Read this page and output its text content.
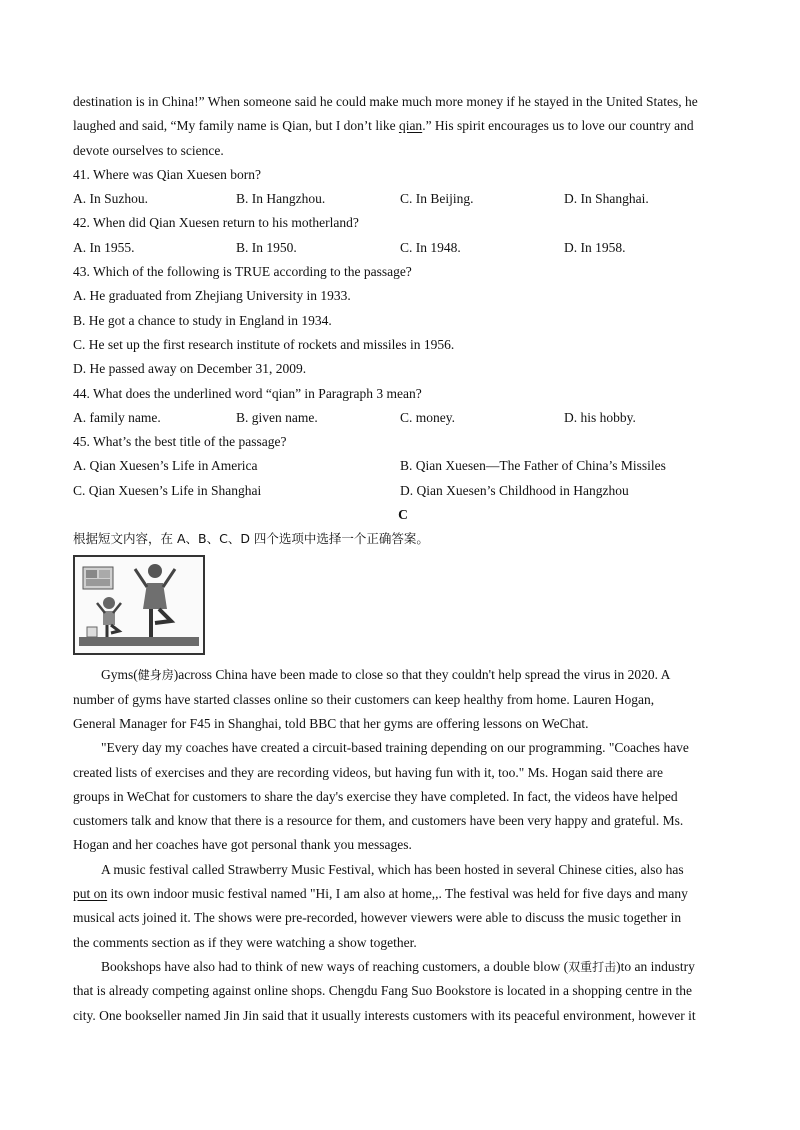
destination is in China!” When someone said he could make much more money if he stayed in the United States, he
laughed and said, “My family name is Qian, but I don’t like qian.” His spirit encourages us to love our country and
devote ourselves to science.
41. Where was Qian Xuesen born?
A. In Suzhou.	B. In Hangzhou.	C. In Beijing.	D. In Shanghai.
42. When did Qian Xuesen return to his motherland?
A. In 1955.	B. In 1950.	C. In 1948.	D. In 1958.
43. Which of the following is TRUE according to the passage?
A. He graduated from Zhejiang University in 1933.
B. He got a chance to study in England in 1934.
C. He set up the first research institute of rockets and missiles in 1956.
D. He passed away on December 31, 2009.
44. What does the underlined word “qian” in Paragraph 3 mean?
A. family name.	B. given name.	C. money.	D. his hobby.
45. What’s the best title of the passage?
A. Qian Xuesen’s Life in America	B. Qian Xuesen—The Father of China’s Missiles
C. Qian Xuesen’s Life in Shanghai	D. Qian Xuesen’s Childhood in Hangzhou
C
根据短文内容，在 A、B、C、D 四个选项中选择一个正确答案。
Gyms(健身房)across China have been made to close so that they couldn't help spread the virus in 2020. A
number of gyms have started classes online so their customers can keep healthy from home. Lauren Hogan,
General Manager for F45 in Shanghai, told BBC that her gyms are offering lessons on WeChat.
"Every day my coaches have created a circuit-based training depending on our programming. "Coaches have
created lists of exercises and they are recording videos, but having fun with it, too." Ms. Hogan said there are
groups in WeChat for customers to share the day's exercise they have completed. In fact, the videos have helped
customers talk and know that there is a resource for them, and customers have been very happy and grateful. Ms.
Hogan and her coaches have got personal thank you messages.
A music festival called Strawberry Music Festival, which has been hosted in several Chinese cities, also has
put on its own indoor music festival named "Hi, I am also at home,,. The festival was held for five days and many
musical acts joined it. The shows were pre-recorded, however viewers were able to discuss the music together in
the comments section as if they were watching a show together.
Bookshops have also had to think of new ways of reaching customers, a double blow (双重打击)to an industry
that is already competing against online shops. Chengdu Fang Suo Bookstore is located in a shopping centre in the
city. One bookseller named Jin Jin said that it usually interests customers with its peaceful environment, however it
